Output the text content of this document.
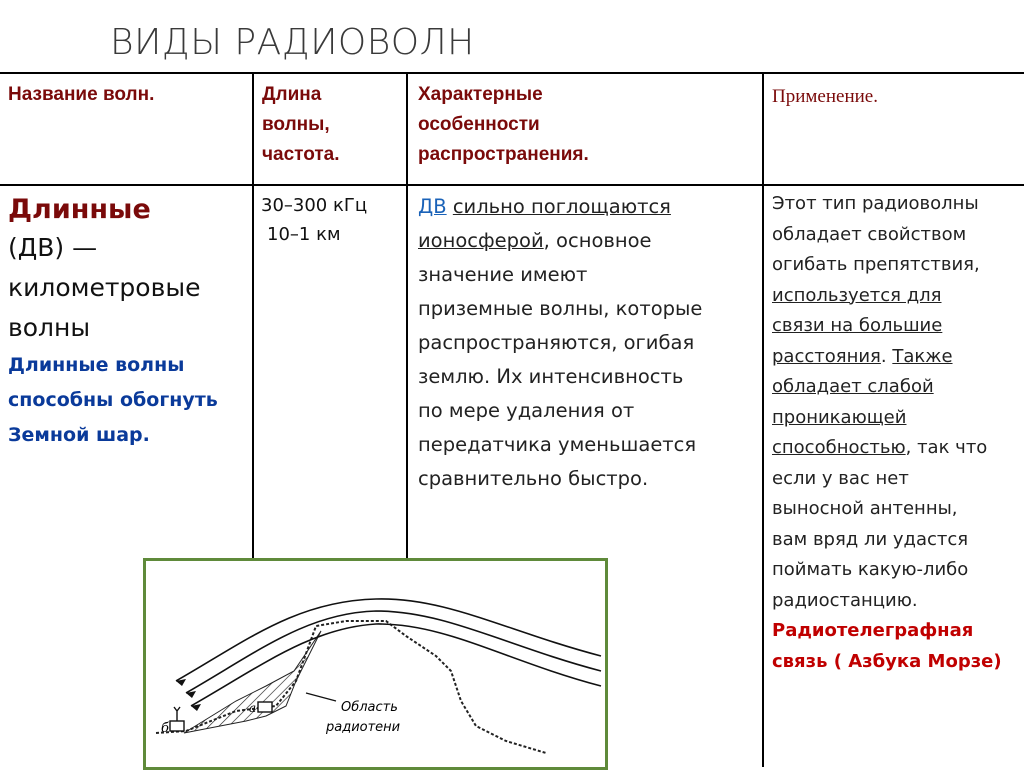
ВИДЫ РАДИОВОЛН
Название волн.	Длина
волны,
частота.
Характерные
особенности
распространения.
Применение.
Длинные
(ДВ) —
километровые
волны
Длинные волны
способны обогнуть
Земной шар.
30–300 кГц
10–1 км
ДВ сильно поглощаются
ионосферой, основное
значение имеют
приземные волны, которые
распространяются, огибая
землю. Их интенсивность
по мере удаления от
передатчика уменьшается
сравнительно быстро.
Этот тип радиоволны
обладает свойством
огибать препятствия,
используется для
связи на большие
расстояния. Также
обладает слабой
проникающей
способностью, так что
если у вас нет
выносной антенны,
вам вряд ли удастся
поймать какую-либо
радиостанцию.
Радиотелеграфная
связь ( Азбука Морзе)
б
а	Область
радиотени
